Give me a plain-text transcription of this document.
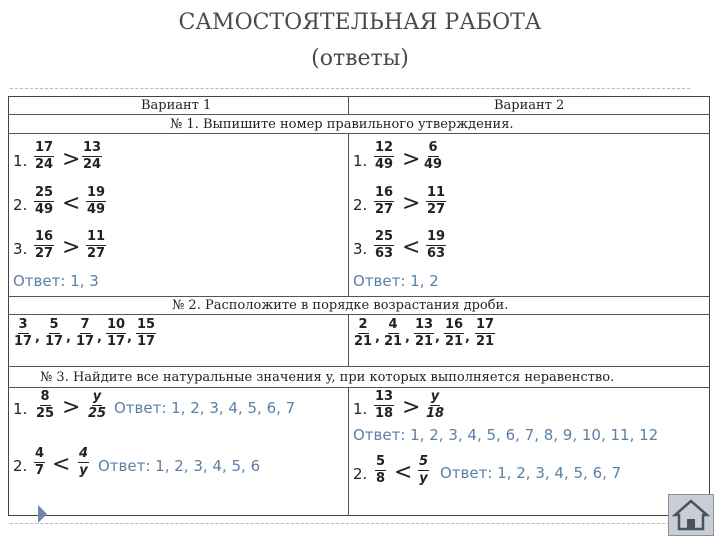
САМОСТОЯТЕЛЬНАЯ РАБОТА
(ответы)
Вариант 1	Вариант 2
№ 1. Выпишите номер правильного утверждения.
1. $\frac{17}{24} > \frac{13}{24}$
2. $\frac{25}{49} < \frac{19}{49}$
3. $\frac{16}{27} > \frac{11}{27}$
Ответ: 1, 3
1. $\frac{12}{49} > \frac{6}{49}$
2. $\frac{16}{27} > \frac{11}{27}$
3. $\frac{25}{63} < \frac{19}{63}$
Ответ: 1, 2
№ 2. Расположите в порядке возрастания дроби.
$\frac{3}{17}$ , $\frac{5}{17}$ , $\frac{7}{17}$ , $\frac{10}{17}$ , $\frac{15}{17}$	$\frac{2}{21}$ , $\frac{4}{21}$ , $\frac{13}{21}$ , $\frac{16}{21}$ , $\frac{17}{21}$
№ 3. Найдите все натуральные значения y, при которых выполняется неравенство.
1. $\frac{8}{25} > \frac{y}{25}$ Ответ: 1, 2, 3, 4, 5, 6, 7
2. $\frac{4}{7} < \frac{4}{y}$ Ответ: 1, 2, 3, 4, 5, 6
1. $\frac{13}{18} > \frac{y}{18}$
Ответ: 1, 2, 3, 4, 5, 6, 7, 8, 9, 10, 11, 12
2. $\frac{5}{8} < \frac{5}{y}$ Ответ: 1, 2, 3, 4, 5, 6, 7
